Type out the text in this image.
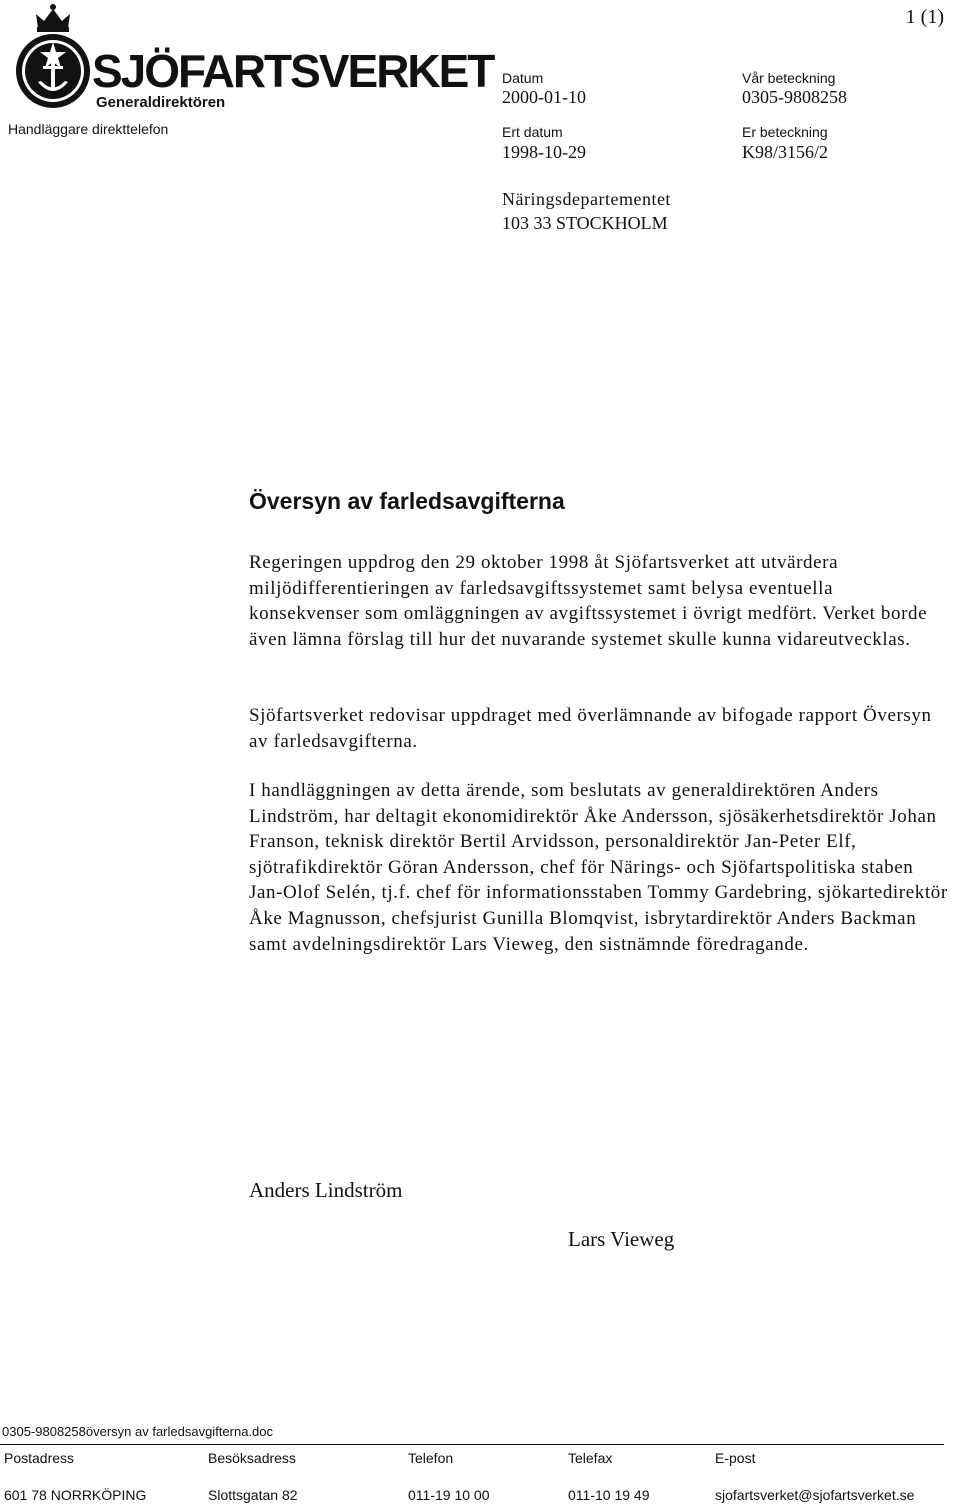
1 (1)
SJÖFARTSVERKET
Generaldirektören
Handläggare direkttelefon
Datum
2000-01-10
Vår beteckning
0305-9808258
Ert datum
1998-10-29
Er beteckning
K98/3156/2
Näringsdepartementet
103 33 STOCKHOLM
Översyn av farledsavgifterna

Regeringen uppdrog den 29 oktober 1998 åt Sjöfartsverket att utvärdera miljödifferentieringen av farledsavgiftssystemet samt belysa eventuella konsekvenser som omläggningen av avgiftssystemet i övrigt medfört. Verket borde även lämna förslag till hur det nuvarande systemet skulle kunna vidareutvecklas.

Sjöfartsverket redovisar uppdraget med överlämnande av bifogade rapport Översyn av farledsavgifterna.

I handläggningen av detta ärende, som beslutats av generaldirektören Anders Lindström, har deltagit ekonomidirektör Åke Andersson, sjösäkerhetsdirektör Johan Franson, teknisk direktör Bertil Arvidsson, personaldirektör Jan-Peter Elf, sjötrafikdirektör Göran Andersson, chef för Närings- och Sjöfartspolitiska staben Jan-Olof Selén, tj.f. chef för informationsstaben Tommy Gardebring, sjökartedirektör Åke Magnusson, chefsjurist Gunilla Blomqvist, isbrytardirektör Anders Backman samt avdelningsdirektör Lars Vieweg, den sistnämnde föredragande.

Anders Lindström
Lars Vieweg
0305-9808258översyn av farledsavgifterna.doc
Postadress	Besöksadress	Telefon	Telefax	E-post
601 78 NORRKÖPING	Slottsgatan 82	011-19 10 00	011-10 19 49	sjofartsverket@sjofartsverket.se
